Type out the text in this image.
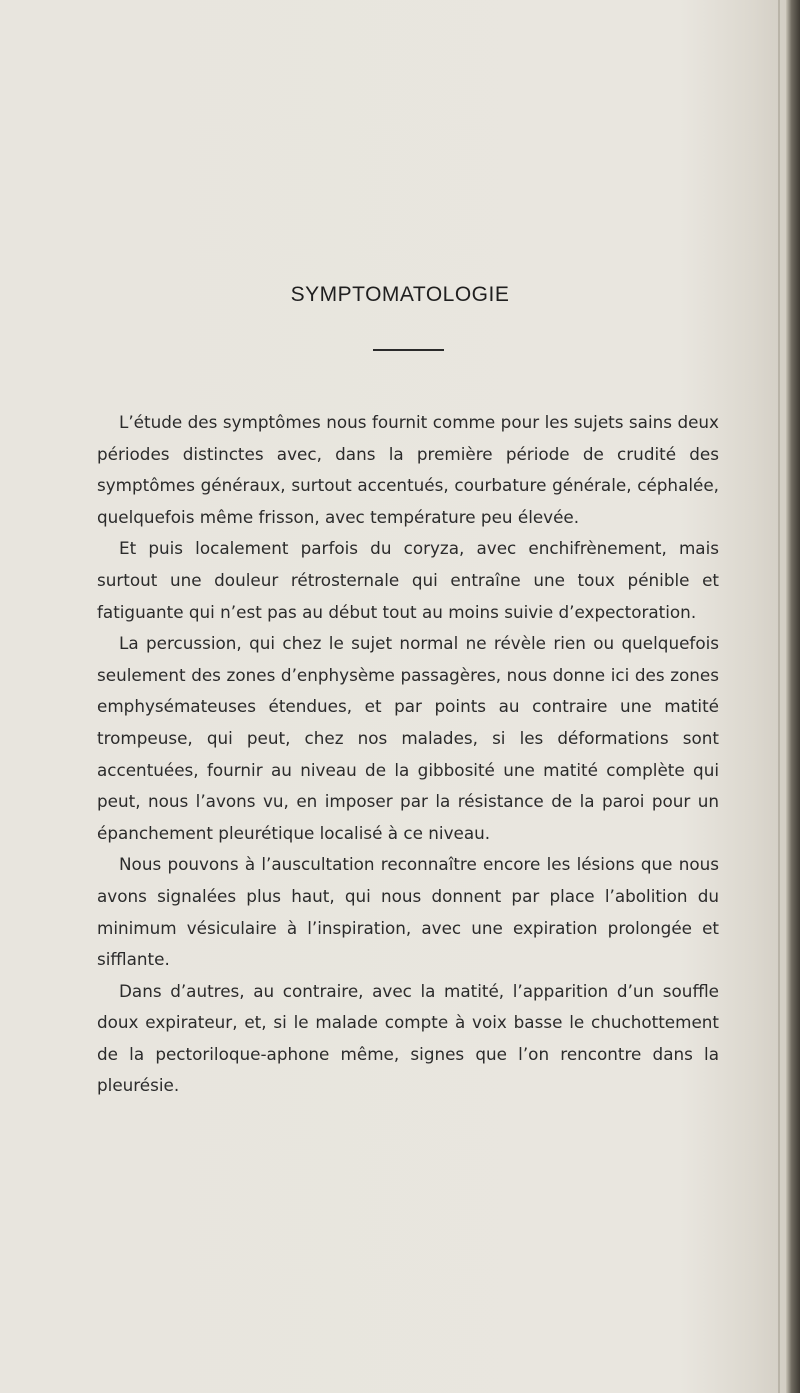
SYMPTOMATOLOGIE

L’étude des symptômes nous fournit comme pour les sujets sains deux périodes distinctes avec, dans la première période de crudité des symptômes généraux, surtout accentués, courbature générale, céphalée, quelquefois même frisson, avec température peu élevée.

Et puis localement parfois du coryza, avec enchifrènement, mais surtout une douleur rétrosternale qui entraîne une toux pénible et fatiguante qui n’est pas au début tout au moins suivie d’expectoration.

La percussion, qui chez le sujet normal ne révèle rien ou quelquefois seulement des zones d’enphysème passagères, nous donne ici des zones emphysémateuses étendues, et par points au contraire une matité trompeuse, qui peut, chez nos malades, si les déformations sont accentuées, fournir au niveau de la gibbosité une matité complète qui peut, nous l’avons vu, en imposer par la résistance de la paroi pour un épanchement pleurétique localisé à ce niveau.

Nous pouvons à l’auscultation reconnaître encore les lésions que nous avons signalées plus haut, qui nous donnent par place l’abolition du minimum vésiculaire à l’inspiration, avec une expiration prolongée et sifflante.

Dans d’autres, au contraire, avec la matité, l’apparition d’un souffle doux expirateur, et, si le malade compte à voix basse le chuchottement de la pectoriloque-aphone même, signes que l’on rencontre dans la pleurésie.
